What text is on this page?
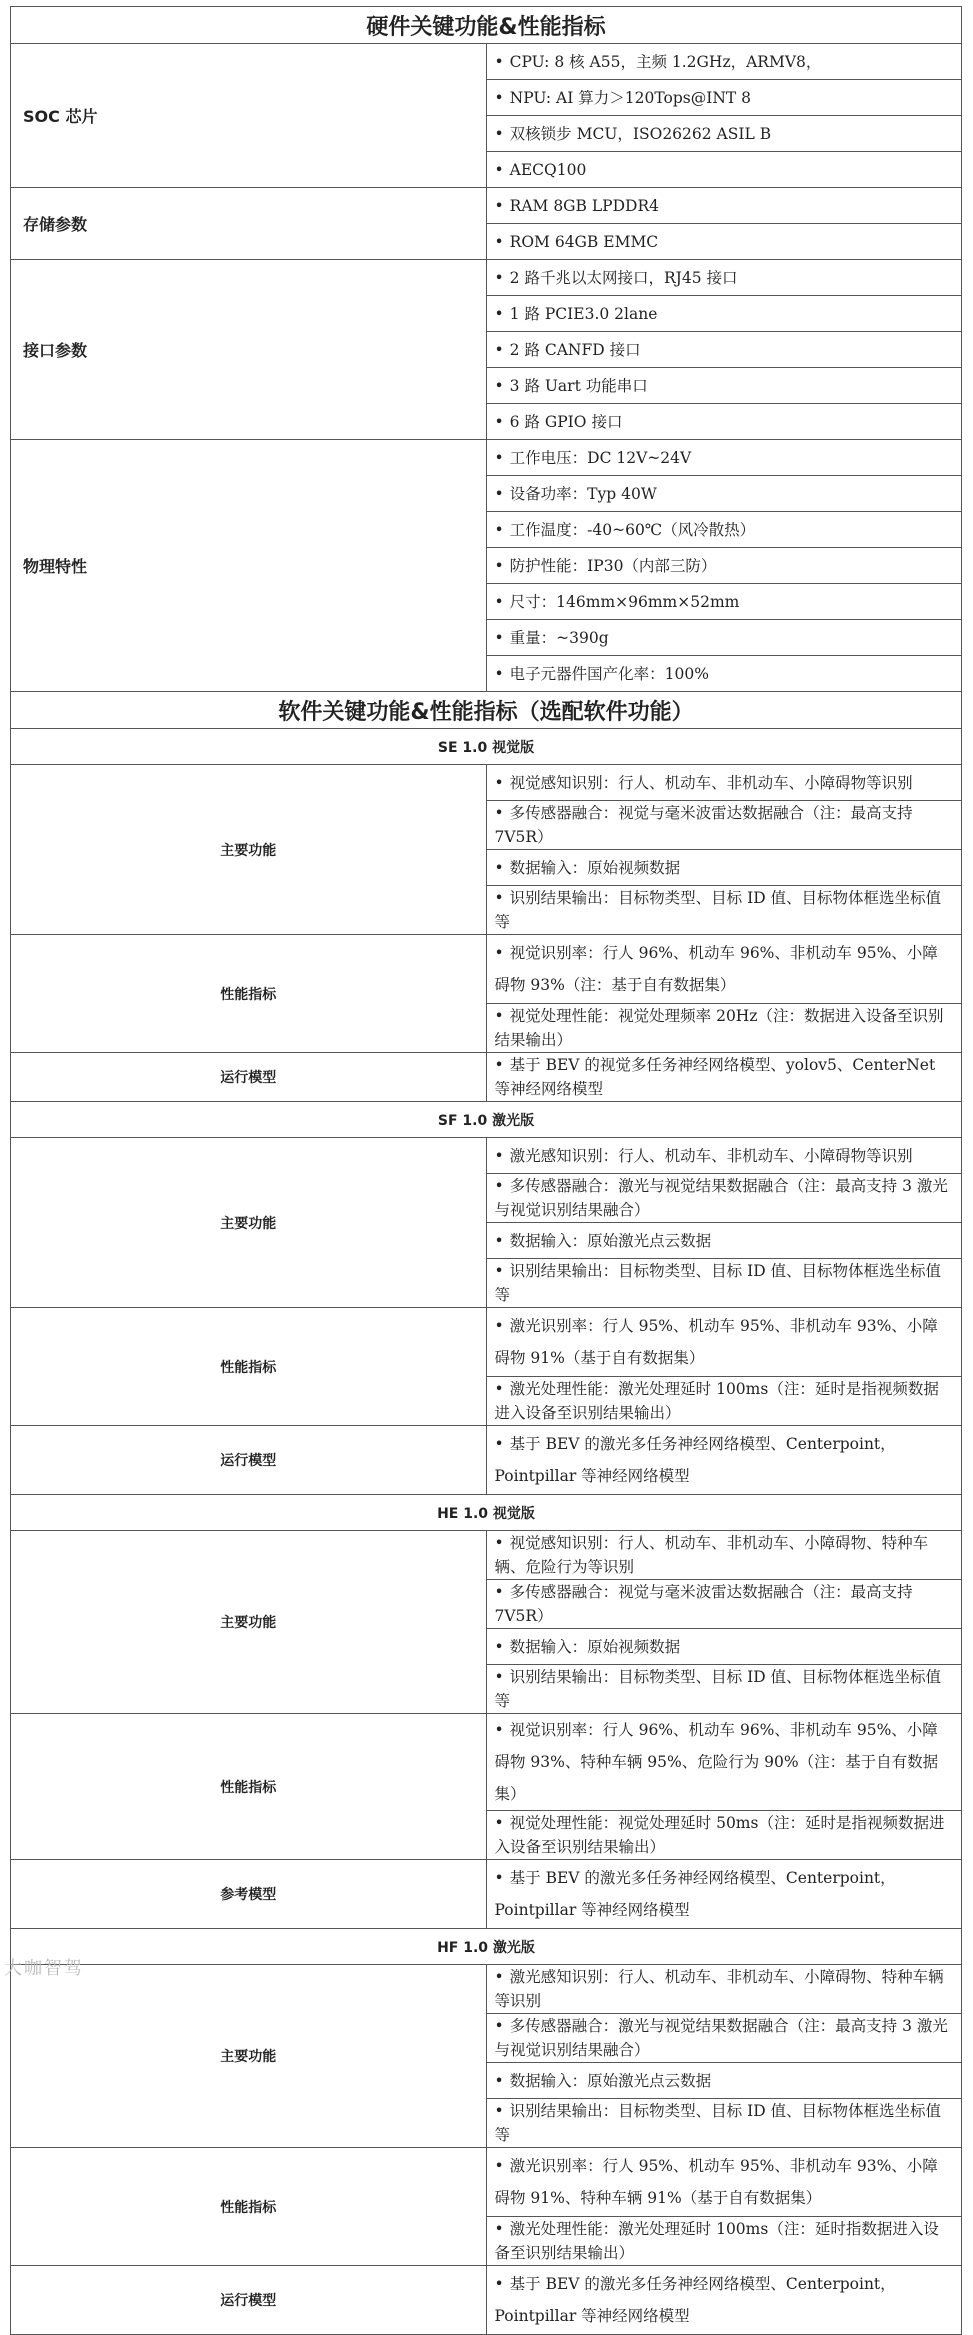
硬件关键功能&性能指标	
SOC 芯片	• CPU: 8 核 A55，主频 1.2GHz，ARMV8，
	• NPU: AI 算力＞120Tops@INT 8
	• 双核锁步 MCU，ISO26262 ASIL B
	• AECQ100
存储参数	• RAM 8GB LPDDR4
	• ROM 64GB EMMC
接口参数	• 2 路千兆以太网接口，RJ45 接口
	• 1 路 PCIE3.0 2lane
	• 2 路 CANFD 接口
	• 3 路 Uart 功能串口
	• 6 路 GPIO 接口
物理特性	• 工作电压：DC 12V~24V
	• 设备功率：Typ 40W
	• 工作温度：-40~60℃（风冷散热）
	• 防护性能：IP30（内部三防）
	• 尺寸：146mm×96mm×52mm
	• 重量：~390g
	• 电子元器件国产化率：100%
软件关键功能&性能指标（选配软件功能）	
SE 1.0 视觉版	
主要功能	• 视觉感知识别：行人、机动车、非机动车、小障碍物等识别
	• 多传感器融合：视觉与毫米波雷达数据融合（注：最高支持 7V5R）
	• 数据输入：原始视频数据
	• 识别结果输出：目标物类型、目标 ID 值、目标物体框选坐标值等
性能指标	• 视觉识别率：行人 96%、机动车 96%、非机动车 95%、小障碍物 93%（注：基于自有数据集）
	• 视觉处理性能：视觉处理频率 20Hz（注：数据进入设备至识别结果输出）
运行模型	• 基于 BEV 的视觉多任务神经网络模型、yolov5、CenterNet 等神经网络模型
SF 1.0 激光版	
主要功能	• 激光感知识别：行人、机动车、非机动车、小障碍物等识别
	• 多传感器融合：激光与视觉结果数据融合（注：最高支持 3 激光与视觉识别结果融合）
	• 数据输入：原始激光点云数据
	• 识别结果输出：目标物类型、目标 ID 值、目标物体框选坐标值等
性能指标	• 激光识别率：行人 95%、机动车 95%、非机动车 93%、小障碍物 91%（基于自有数据集）
	• 激光处理性能：激光处理延时 100ms（注：延时是指视频数据进入设备至识别结果输出）
运行模型	• 基于 BEV 的激光多任务神经网络模型、Centerpoint，Pointpillar 等神经网络模型
HE 1.0 视觉版	
主要功能	• 视觉感知识别：行人、机动车、非机动车、小障碍物、特种车辆、危险行为等识别
	• 多传感器融合：视觉与毫米波雷达数据融合（注：最高支持 7V5R）
	• 数据输入：原始视频数据
	• 识别结果输出：目标物类型、目标 ID 值、目标物体框选坐标值等
性能指标	• 视觉识别率：行人 96%、机动车 96%、非机动车 95%、小障碍物 93%、特种车辆 95%、危险行为 90%（注：基于自有数据集）
	• 视觉处理性能：视觉处理延时 50ms（注：延时是指视频数据进入设备至识别结果输出）
参考模型	• 基于 BEV 的激光多任务神经网络模型、Centerpoint，Pointpillar 等神经网络模型
HF 1.0 激光版	
主要功能	• 激光感知识别：行人、机动车、非机动车、小障碍物、特种车辆等识别
	• 多传感器融合：激光与视觉结果数据融合（注：最高支持 3 激光与视觉识别结果融合）
	• 数据输入：原始激光点云数据
	• 识别结果输出：目标物类型、目标 ID 值、目标物体框选坐标值等
性能指标	• 激光识别率：行人 95%、机动车 95%、非机动车 93%、小障碍物 91%、特种车辆 91%（基于自有数据集）
	• 激光处理性能：激光处理延时 100ms（注：延时指数据进入设备至识别结果输出）
运行模型	• 基于 BEV 的激光多任务神经网络模型、Centerpoint，Pointpillar 等神经网络模型
大咖智驾
